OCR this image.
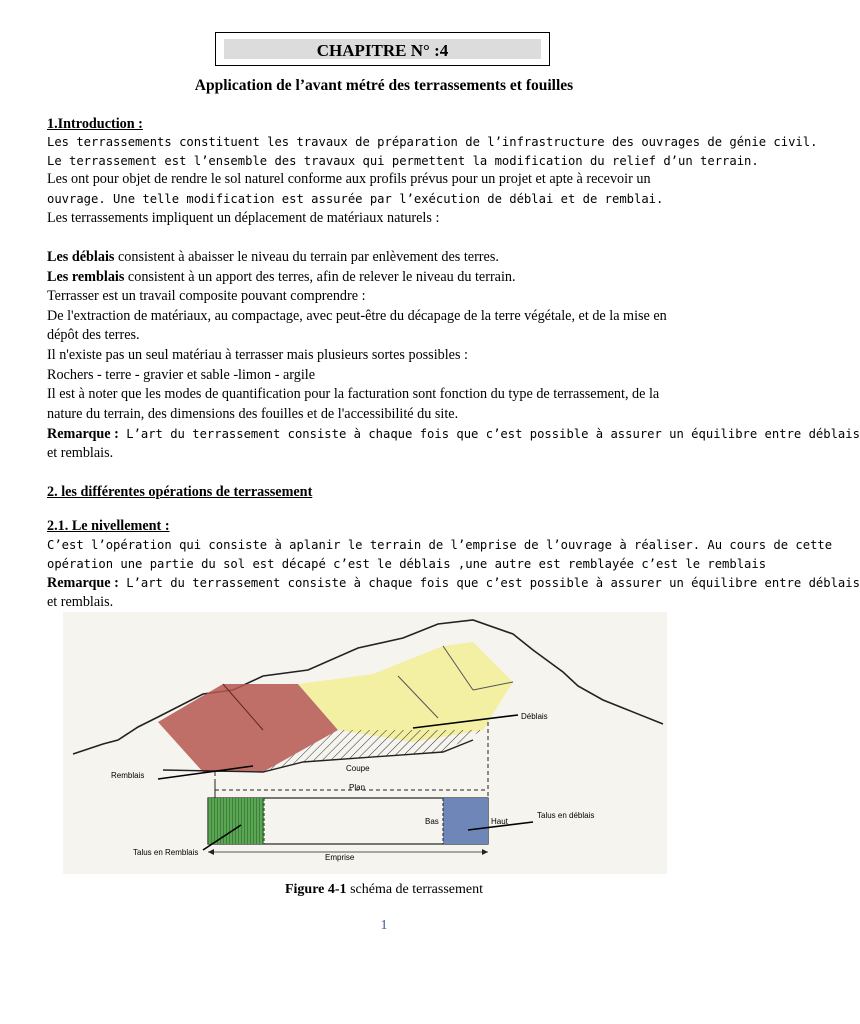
CHAPITRE N° :4
Application de l’avant métré des terrassements et fouilles
1.Introduction :
Les terrassements constituent les travaux de préparation de l’infrastructure des ouvrages de génie civil.
Le terrassement est l’ensemble des travaux qui permettent la modification du relief d’un terrain.
Les ont pour objet de rendre le sol naturel conforme aux profils prévus pour un projet et apte à recevoir un
ouvrage. Une telle modification est assurée par l’exécution de déblai et de remblai.
Les terrassements impliquent un déplacement de matériaux naturels :
Les déblais consistent à abaisser le niveau du terrain par enlèvement des terres.
Les remblais consistent à un apport des terres, afin de relever le niveau du terrain.
Terrasser est un travail composite pouvant comprendre :
De l'extraction de matériaux, au compactage, avec peut-être du décapage de la terre végétale, et de la mise en
dépôt des terres.
Il n'existe pas un seul matériau à terrasser mais plusieurs sortes possibles :
Rochers - terre - gravier et sable -limon - argile
Il est à noter que les modes de quantification pour la facturation sont fonction du type de terrassement, de la
nature du terrain, des dimensions des fouilles et de l'accessibilité du site.
Remarque : L’art du terrassement consiste à chaque fois que c’est possible à assurer un équilibre entre déblais
et remblais.
2. les différentes opérations de terrassement
2.1. Le nivellement :
C’est l’opération qui consiste à aplanir le terrain de l’emprise de l’ouvrage à réaliser. Au cours de cette
opération une partie du sol est décapé c’est le déblais ,une autre est remblayée c’est le remblais
Remarque : L’art du terrassement consiste à chaque fois que c’est possible à assurer un équilibre entre déblais
et remblais.
Déblais
Remblais
Coupe
Plan
Bas	Haut
Talus en déblais
Talus en Remblais
Emprise
Figure 4-1 schéma de terrassement
1
